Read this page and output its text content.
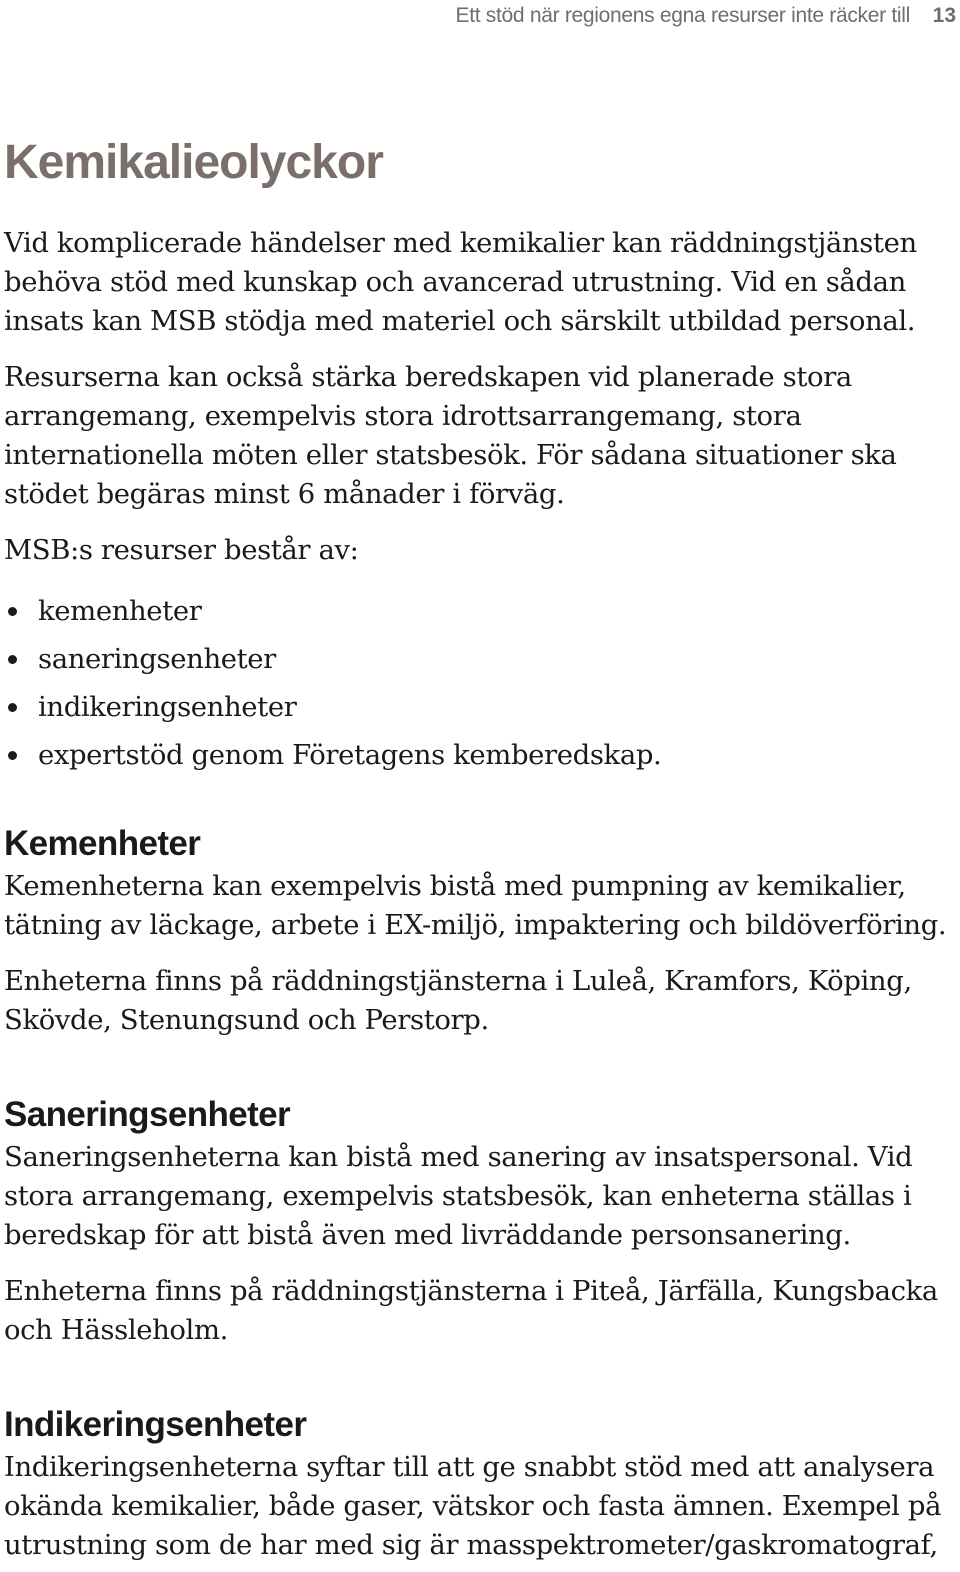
Ett stöd när regionens egna resurser inte räcker till 13
Kemikalieolyckor

Vid komplicerade händelser med kemikalier kan räddningstjänsten behöva stöd med kunskap och avancerad utrustning. Vid en sådan insats kan MSB stödja med materiel och särskilt utbildad personal.

Resurserna kan också stärka beredskapen vid planerade stora arrangemang, exempelvis stora idrottsarrangemang, stora internationella möten eller statsbesök. För sådana situationer ska stödet begäras minst 6 månader i förväg.

MSB:s resurser består av:
kemenheter
saneringsenheter
indikeringsenheter
expertstöd genom Företagens kemberedskap.
Kemenheter

Kemenheterna kan exempelvis bistå med pumpning av kemikalier, tätning av läckage, arbete i EX-miljö, impaktering och bildöverföring.

Enheterna finns på räddningstjänsterna i Luleå, Kramfors, Köping, Skövde, Stenungsund och Perstorp.

Saneringsenheter

Saneringsenheterna kan bistå med sanering av insatspersonal. Vid stora arrangemang, exempelvis statsbesök, kan enheterna ställas i beredskap för att bistå även med livräddande personsanering.

Enheterna finns på räddningstjänsterna i Piteå, Järfälla, Kungsbacka och Hässleholm.

Indikeringsenheter

Indikeringsenheterna syftar till att ge snabbt stöd med att analysera okända kemikalier, både gaser, vätskor och fasta ämnen. Exempel på utrustning som de har med sig är masspektrometer/gaskromatograf,
